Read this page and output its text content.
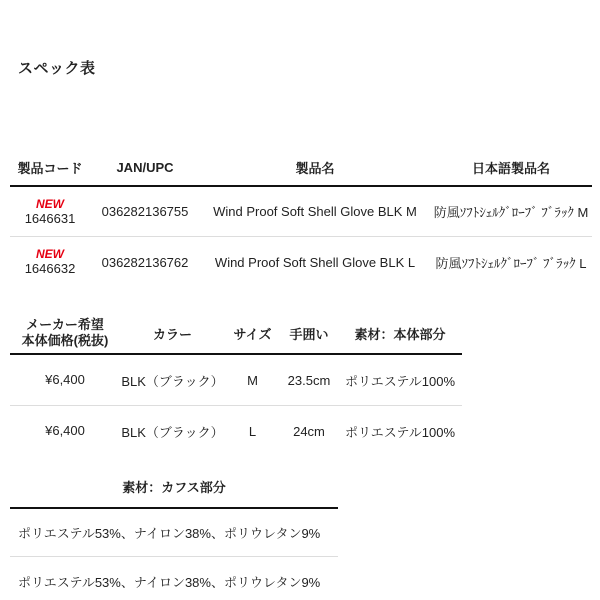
スペック表
製品コード	JAN/UPC	製品名	日本語製品名
NEW
1646631	036282136755	Wind Proof Soft Shell Glove BLK M	防風ｿﾌﾄｼｪﾙｸﾞﾛｰﾌﾞ ﾌﾞﾗｯｸ M
NEW
1646632	036282136762	Wind Proof Soft Shell Glove BLK L	防風ｿﾌﾄｼｪﾙｸﾞﾛｰﾌﾞ ﾌﾞﾗｯｸ L
メーカー希望
本体価格(税抜)	カラー	サイズ	手囲い	素材：本体部分
¥6,400	BLK（ブラック）	M	23.5cm	ポリエステル100%
¥6,400	BLK（ブラック）	L	24cm	ポリエステル100%
素材：カフス部分
ポリエステル53%、ナイロン38%、ポリウレタン9%
ポリエステル53%、ナイロン38%、ポリウレタン9%
